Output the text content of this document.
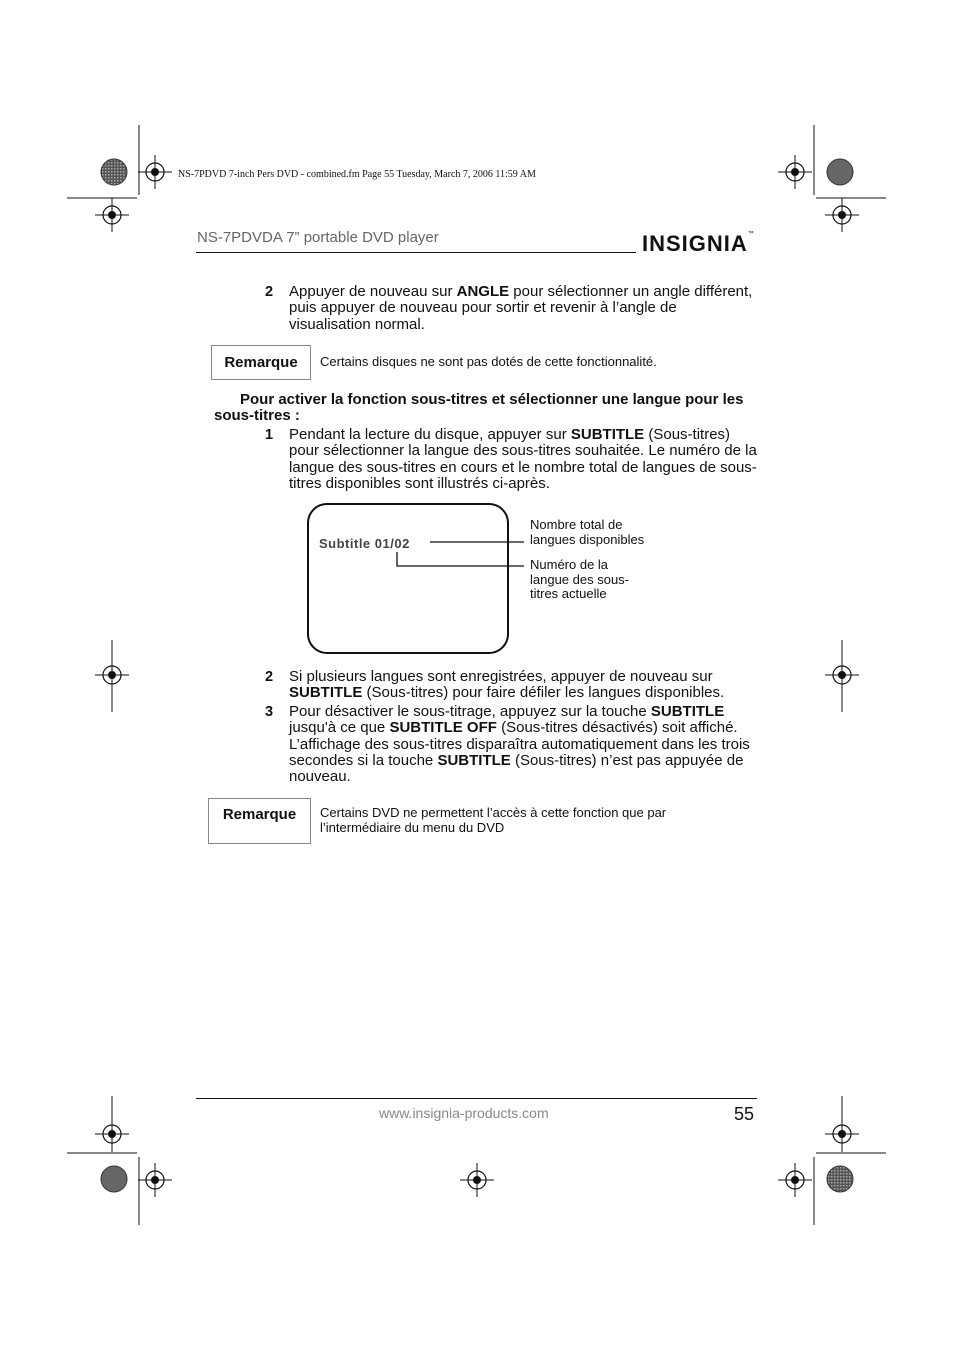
NS-7PDVD 7-inch Pers DVD - combined.fm Page 55 Tuesday, March 7, 2006 11:59 AM
NS-7PDVDA 7” portable DVD player	INSIGNIA™
2 Appuyer de nouveau sur ANGLE pour sélectionner un angle différent, puis appuyer de nouveau pour sortir et revenir à l’angle de visualisation normal.
Remarque	Certains disques ne sont pas dotés de cette fonctionnalité.
Pour activer la fonction sous-titres et sélectionner une langue pour les sous-titres :
1 Pendant la lecture du disque, appuyer sur SUBTITLE (Sous-titres) pour sélectionner la langue des sous-titres souhaitée. Le numéro de la langue des sous-titres en cours et le nombre total de langues de sous-titres disponibles sont illustrés ci-après.
Subtitle 01/02
Nombre total de langues disponibles
Numéro de la langue des sous-titres actuelle
2 Si plusieurs langues sont enregistrées, appuyer de nouveau sur SUBTITLE (Sous-titres) pour faire défiler les langues disponibles.
3 Pour désactiver le sous-titrage, appuyez sur la touche SUBTITLE jusqu'à ce que SUBTITLE OFF (Sous-titres désactivés) soit affiché. L’affichage des sous-titres disparaîtra automatiquement dans les trois secondes si la touche SUBTITLE (Sous-titres) n’est pas appuyée de nouveau.
Remarque	Certains DVD ne permettent l’accès à cette fonction que par l’intermédiaire du menu du DVD
www.insignia-products.com	55
